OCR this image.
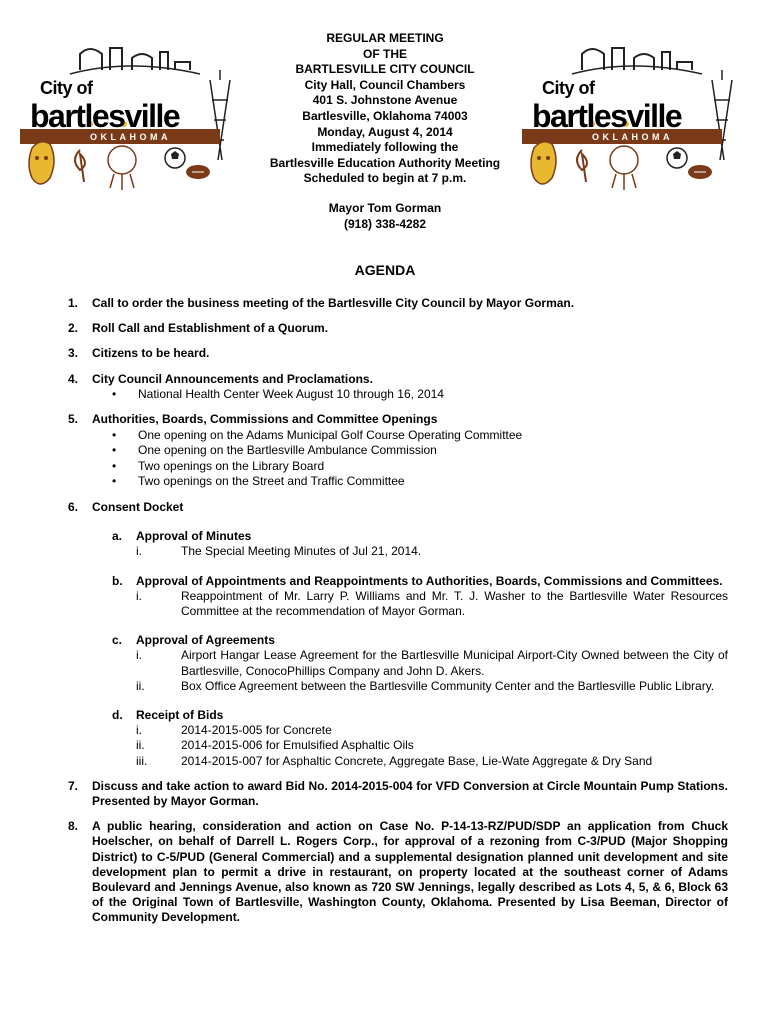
City of
bartlesville
OKLAHOMA
City of
bartlesville
OKLAHOMA
REGULAR MEETING
OF THE
BARTLESVILLE CITY COUNCIL
City Hall, Council Chambers
401 S. Johnstone Avenue
Bartlesville, Oklahoma 74003
Monday, August 4, 2014
Immediately following the
Bartlesville Education Authority Meeting
Scheduled to begin at 7 p.m.
Mayor Tom Gorman
(918) 338-4282
AGENDA
1. Call to order the business meeting of the Bartlesville City Council by Mayor Gorman.
2. Roll Call and Establishment of a Quorum.
3. Citizens to be heard.
4. City Council Announcements and Proclamations.
• National Health Center Week August 10 through 16, 2014
5. Authorities, Boards, Commissions and Committee Openings
• One opening on the Adams Municipal Golf Course Operating Committee
• One opening on the Bartlesville Ambulance Commission
• Two openings on the Library Board
• Two openings on the Street and Traffic Committee
6. Consent Docket
a. Approval of Minutes
i.	The Special Meeting Minutes of Jul 21, 2014.
b. Approval of Appointments and Reappointments to Authorities, Boards, Commissions and Committees.
i.	Reappointment of Mr. Larry P. Williams and Mr. T. J. Washer to the Bartlesville Water Resources Committee at the recommendation of Mayor Gorman.
c. Approval of Agreements
i.	Airport Hangar Lease Agreement for the Bartlesville Municipal Airport-City Owned between the City of Bartlesville, ConocoPhillips Company and John D. Akers.
ii.	Box Office Agreement between the Bartlesville Community Center and the Bartlesville Public Library.
d. Receipt of Bids
i.	2014-2015-005 for Concrete
ii.	2014-2015-006 for Emulsified Asphaltic Oils
iii.	2014-2015-007 for Asphaltic Concrete, Aggregate Base, Lie-Wate Aggregate & Dry Sand
7. Discuss and take action to award Bid No. 2014-2015-004 for VFD Conversion at Circle Mountain Pump Stations. Presented by Mayor Gorman.
8. A public hearing, consideration and action on Case No. P-14-13-RZ/PUD/SDP an application from Chuck Hoelscher, on behalf of Darrell L. Rogers Corp., for approval of a rezoning from C-3/PUD (Major Shopping District) to C-5/PUD (General Commercial) and a supplemental designation planned unit development and site development plan to permit a drive in restaurant, on property located at the southeast corner of Adams Boulevard and Jennings Avenue, also known as 720 SW Jennings, legally described as Lots 4, 5, & 6, Block 63 of the Original Town of Bartlesville, Washington County, Oklahoma. Presented by Lisa Beeman, Director of Community Development.
